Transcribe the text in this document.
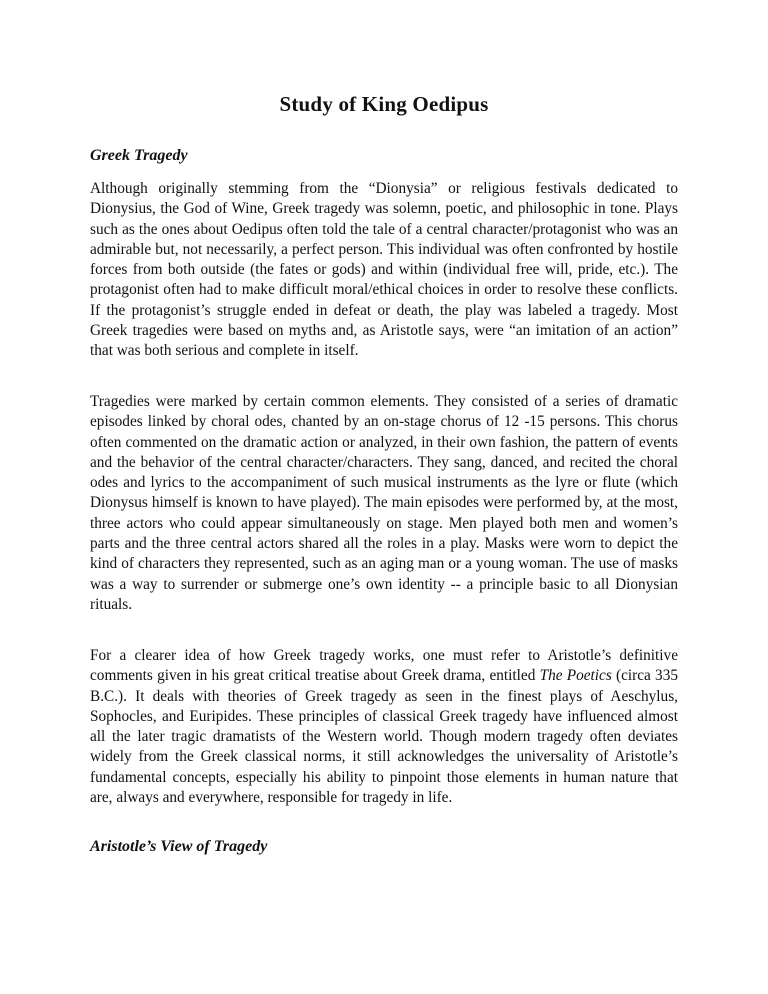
Study of King Oedipus
Greek Tragedy

Although originally stemming from the “Dionysia” or religious festivals dedicated to Dionysius, the God of Wine, Greek tragedy was solemn, poetic, and philosophic in tone. Plays such as the ones about Oedipus often told the tale of a central character/protagonist who was an admirable but, not necessarily, a perfect person. This individual was often confronted by hostile forces from both outside (the fates or gods) and within (individual free will, pride, etc.). The protagonist often had to make difficult moral/ethical choices in order to resolve these conflicts. If the protagonist’s struggle ended in defeat or death, the play was labeled a tragedy. Most Greek tragedies were based on myths and, as Aristotle says, were “an imitation of an action” that was both serious and complete in itself.

Tragedies were marked by certain common elements. They consisted of a series of dramatic episodes linked by choral odes, chanted by an on-stage chorus of 12 -15 persons. This chorus often commented on the dramatic action or analyzed, in their own fashion, the pattern of events and the behavior of the central character/characters. They sang, danced, and recited the choral odes and lyrics to the accompaniment of such musical instruments as the lyre or flute (which Dionysus himself is known to have played). The main episodes were performed by, at the most, three actors who could appear simultaneously on stage. Men played both men and women’s parts and the three central actors shared all the roles in a play. Masks were worn to depict the kind of characters they represented, such as an aging man or a young woman. The use of masks was a way to surrender or submerge one’s own identity -- a principle basic to all Dionysian rituals.

For a clearer idea of how Greek tragedy works, one must refer to Aristotle’s definitive comments given in his great critical treatise about Greek drama, entitled The Poetics (circa 335 B.C.). It deals with theories of Greek tragedy as seen in the finest plays of Aeschylus, Sophocles, and Euripides. These principles of classical Greek tragedy have influenced almost all the later tragic dramatists of the Western world. Though modern tragedy often deviates widely from the Greek classical norms, it still acknowledges the universality of Aristotle’s fundamental concepts, especially his ability to pinpoint those elements in human nature that are, always and everywhere, responsible for tragedy in life.

Aristotle’s View of Tragedy
